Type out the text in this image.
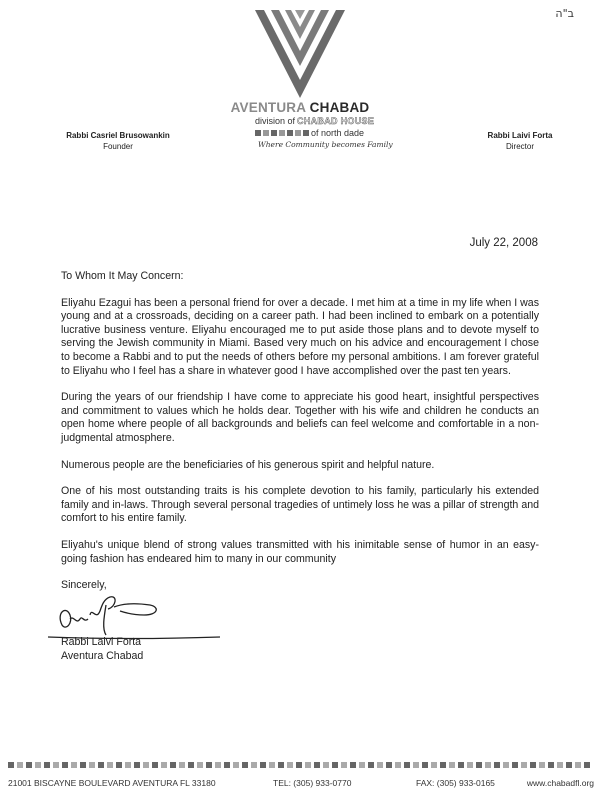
ב"ה
AVENTURA CHABAD
division of CHABAD HOUSE
of north dade
Where Community becomes Family
Rabbi Casriel Brusowankin
Founder
Rabbi Laivi Forta
Director
July 22, 2008

To Whom It May Concern:

Eliyahu Ezagui has been a personal friend for over a decade. I met him at a time in my life when I was young and at a crossroads, deciding on a career path. I had been inclined to embark on a potentially lucrative business venture. Eliyahu encouraged me to put aside those plans and to devote myself to serving the Jewish community in Miami. Based very much on his advice and encouragement I chose to become a Rabbi and to put the needs of others before my personal ambitions. I am forever grateful to Eliyahu who I feel has a share in whatever good I have accomplished over the past ten years.

During the years of our friendship I have come to appreciate his good heart, insightful perspectives and commitment to values which he holds dear. Together with his wife and children he conducts an open home where people of all backgrounds and beliefs can feel welcome and comfortable in a non-judgmental atmosphere.

Numerous people are the beneficiaries of his generous spirit and helpful nature.

One of his most outstanding traits is his complete devotion to his family, particularly his extended family and in-laws. Through several personal tragedies of untimely loss he was a pillar of strength and comfort to his entire family.

Eliyahu's unique blend of strong values transmitted with his inimitable sense of humor in an easy-going fashion has endeared him to many in our community

Sincerely,

Rabbi Laivi Forta
Aventura Chabad
21001 BISCAYNE BOULEVARD AVENTURA FL 33180	TEL: (305) 933-0770	FAX: (305) 933-0165	www.chabadfl.org
